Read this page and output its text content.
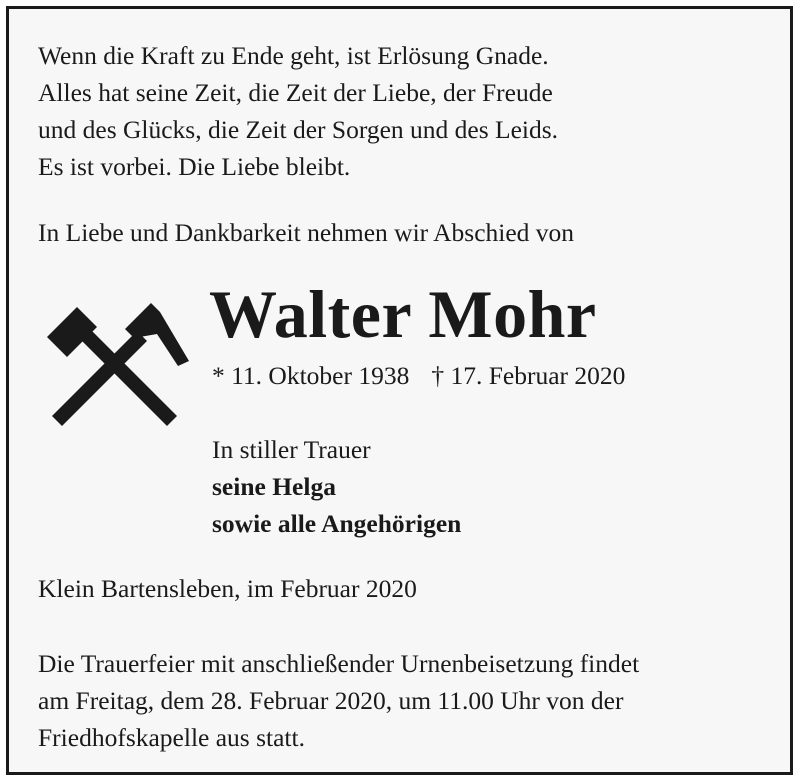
Wenn die Kraft zu Ende geht, ist Erlösung Gnade.
Alles hat seine Zeit, die Zeit der Liebe, der Freude
und des Glücks, die Zeit der Sorgen und des Leids.
Es ist vorbei. Die Liebe bleibt.
In Liebe und Dankbarkeit nehmen wir Abschied von
Walter Mohr
* 11. Oktober 1938 † 17. Februar 2020
In stiller Trauer
seine Helga
sowie alle Angehörigen
Klein Bartensleben, im Februar 2020
Die Trauerfeier mit anschließender Urnenbeisetzung findet
am Freitag, dem 28. Februar 2020, um 11.00 Uhr von der
Friedhofskapelle aus statt.
